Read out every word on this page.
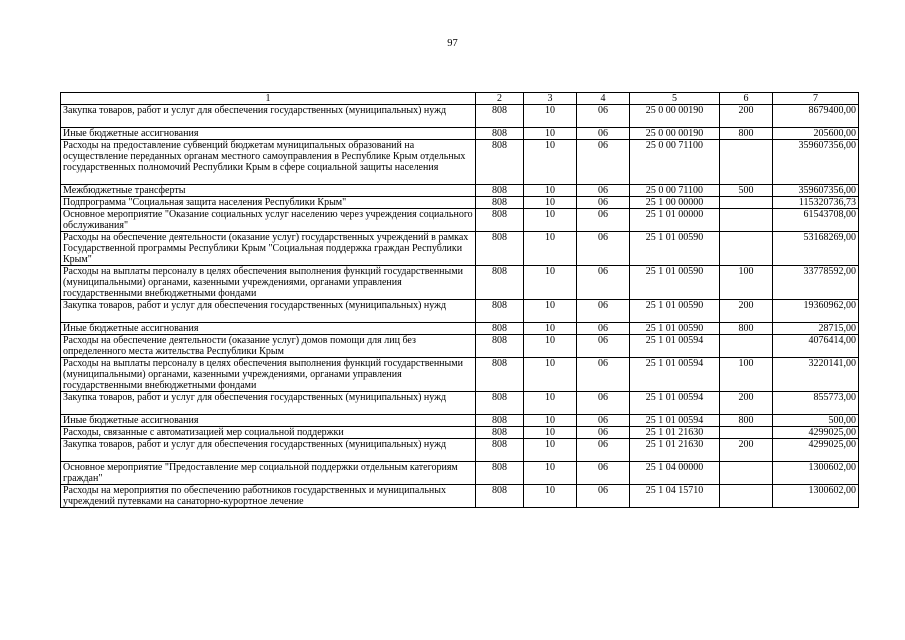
97
1	2	3	4	5	6	7
Закупка товаров, работ и услуг для обеспечения государственных (муниципальных) нужд	808	10	06	25 0 00 00190	200	8679400,00
Иные бюджетные ассигнования	808	10	06	25 0 00 00190	800	205600,00
Расходы на предоставление субвенций бюджетам муниципальных образований на осуществление переданных органам местного самоуправления в Республике Крым отдельных государственных полномочий Республики Крым в сфере социальной защиты населения	808	10	06	25 0 00 71100		359607356,00
Межбюджетные трансферты	808	10	06	25 0 00 71100	500	359607356,00
Подпрограмма "Социальная защита населения Республики Крым"	808	10	06	25 1 00 00000		115320736,73
Основное мероприятие "Оказание социальных услуг населению через учреждения социального обслуживания"	808	10	06	25 1 01 00000		61543708,00
Расходы на обеспечение деятельности (оказание услуг) государственных учреждений в рамках Государственной программы Республики Крым "Социальная поддержка граждан Республики Крым"	808	10	06	25 1 01 00590		53168269,00
Расходы на выплаты персоналу в целях обеспечения выполнения функций государственными (муниципальными) органами, казенными учреждениями, органами управления государственными внебюджетными фондами	808	10	06	25 1 01 00590	100	33778592,00
Закупка товаров, работ и услуг для обеспечения государственных (муниципальных) нужд	808	10	06	25 1 01 00590	200	19360962,00
Иные бюджетные ассигнования	808	10	06	25 1 01 00590	800	28715,00
Расходы на обеспечение деятельности (оказание услуг) домов помощи для лиц без определенного места жительства Республики Крым	808	10	06	25 1 01 00594		4076414,00
Расходы на выплаты персоналу в целях обеспечения выполнения функций государственными (муниципальными) органами, казенными учреждениями, органами управления государственными внебюджетными фондами	808	10	06	25 1 01 00594	100	3220141,00
Закупка товаров, работ и услуг для обеспечения государственных (муниципальных) нужд	808	10	06	25 1 01 00594	200	855773,00
Иные бюджетные ассигнования	808	10	06	25 1 01 00594	800	500,00
Расходы, связанные с автоматизацией мер социальной поддержки	808	10	06	25 1 01 21630		4299025,00
Закупка товаров, работ и услуг для обеспечения государственных (муниципальных) нужд	808	10	06	25 1 01 21630	200	4299025,00
Основное мероприятие "Предоставление мер социальной поддержки отдельным категориям граждан"	808	10	06	25 1 04 00000		1300602,00
Расходы на мероприятия по обеспечению работников государственных и муниципальных учреждений путевками на санаторно-курортное лечение	808	10	06	25 1 04 15710		1300602,00
